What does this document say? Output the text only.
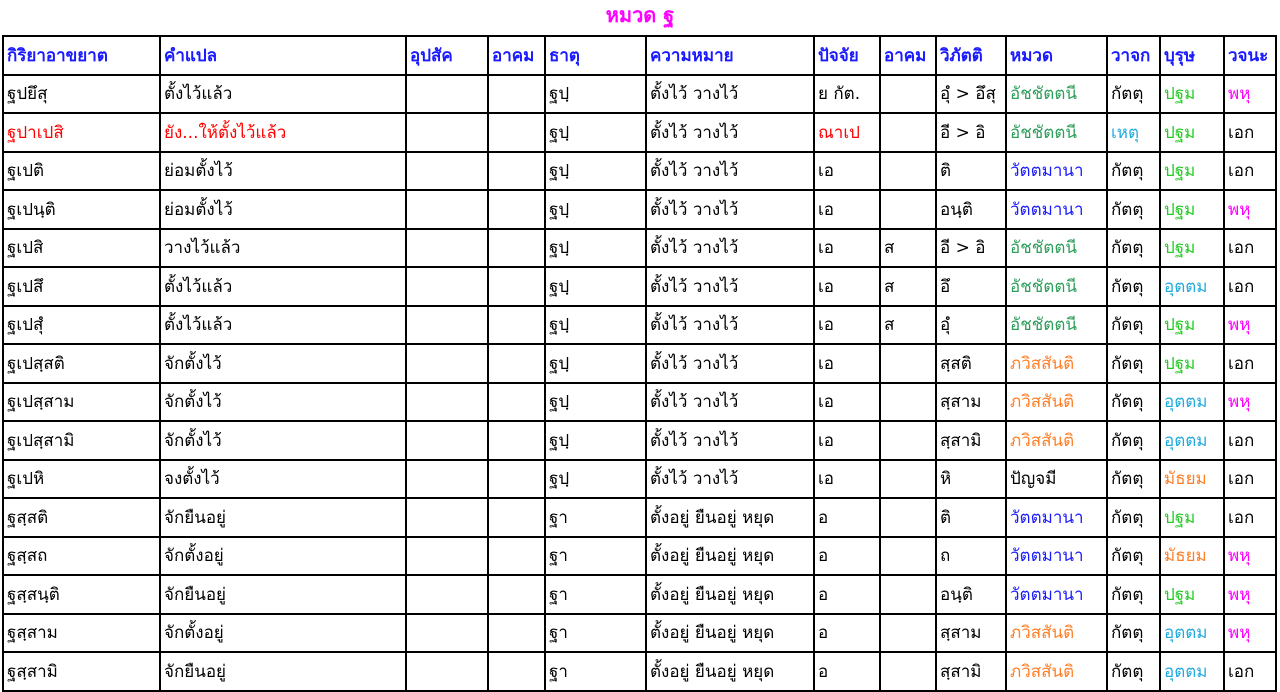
หมวด ฐ
กิริยาอาขยาต	คำแปล	อุปสัค	อาคม	ธาตุ	ความหมาย	ปัจจัย	อาคม	วิภัตติ	หมวด	วาจก	บุรุษ	วจนะ
ฐปยึสุ	ตั้งไว้แล้ว			ฐปฺ	ตั้งไว้ วางไว้	ย กัต.		อุํ > อึสุ	อัชชัตตนี	กัตตุ	ปฐม	พหุ
ฐปาเปสิ	ยัง...ให้ตั้งไว้แล้ว			ฐปฺ	ตั้งไว้ วางไว้	ณาเป		อี > อิ	อัชชัตตนี	เหตุ	ปฐม	เอก
ฐเปติ	ย่อมตั้งไว้			ฐปฺ	ตั้งไว้ วางไว้	เอ		ติ	วัตตมานา	กัตตุ	ปฐม	เอก
ฐเปนฺติ	ย่อมตั้งไว้			ฐปฺ	ตั้งไว้ วางไว้	เอ		อนฺติ	วัตตมานา	กัตตุ	ปฐม	พหุ
ฐเปสิ	วางไว้แล้ว			ฐปฺ	ตั้งไว้ วางไว้	เอ	ส	อี > อิ	อัชชัตตนี	กัตตุ	ปฐม	เอก
ฐเปสึ	ตั้งไว้แล้ว			ฐปฺ	ตั้งไว้ วางไว้	เอ	ส	อึ	อัชชัตตนี	กัตตุ	อุตตม	เอก
ฐเปสุํ	ตั้งไว้แล้ว			ฐปฺ	ตั้งไว้ วางไว้	เอ	ส	อุํ	อัชชัตตนี	กัตตุ	ปฐม	พหุ
ฐเปสฺสติ	จักตั้งไว้			ฐปฺ	ตั้งไว้ วางไว้	เอ		สฺสติ	ภวิสสันติ	กัตตุ	ปฐม	เอก
ฐเปสฺสาม	จักตั้งไว้			ฐปฺ	ตั้งไว้ วางไว้	เอ		สฺสาม	ภวิสสันติ	กัตตุ	อุตตม	พหุ
ฐเปสฺสามิ	จักตั้งไว้			ฐปฺ	ตั้งไว้ วางไว้	เอ		สฺสามิ	ภวิสสันติ	กัตตุ	อุตตม	เอก
ฐเปหิ	จงตั้งไว้			ฐปฺ	ตั้งไว้ วางไว้	เอ		หิ	ปัญจมี	กัตตุ	มัธยม	เอก
ฐสฺสติ	จักยืนอยู่			ฐา	ตั้งอยู่ ยืนอยู่ หยุด	อ		ติ	วัตตมานา	กัตตุ	ปฐม	เอก
ฐสฺสถ	จักตั้งอยู่			ฐา	ตั้งอยู่ ยืนอยู่ หยุด	อ		ถ	วัตตมานา	กัตตุ	มัธยม	พหุ
ฐสฺสนฺติ	จักยืนอยู่			ฐา	ตั้งอยู่ ยืนอยู่ หยุด	อ		อนฺติ	วัตตมานา	กัตตุ	ปฐม	พหุ
ฐสฺสาม	จักตั้งอยู่			ฐา	ตั้งอยู่ ยืนอยู่ หยุด	อ		สฺสาม	ภวิสสันติ	กัตตุ	อุตตม	พหุ
ฐสฺสามิ	จักยืนอยู่			ฐา	ตั้งอยู่ ยืนอยู่ หยุด	อ		สฺสามิ	ภวิสสันติ	กัตตุ	อุตตม	เอก
